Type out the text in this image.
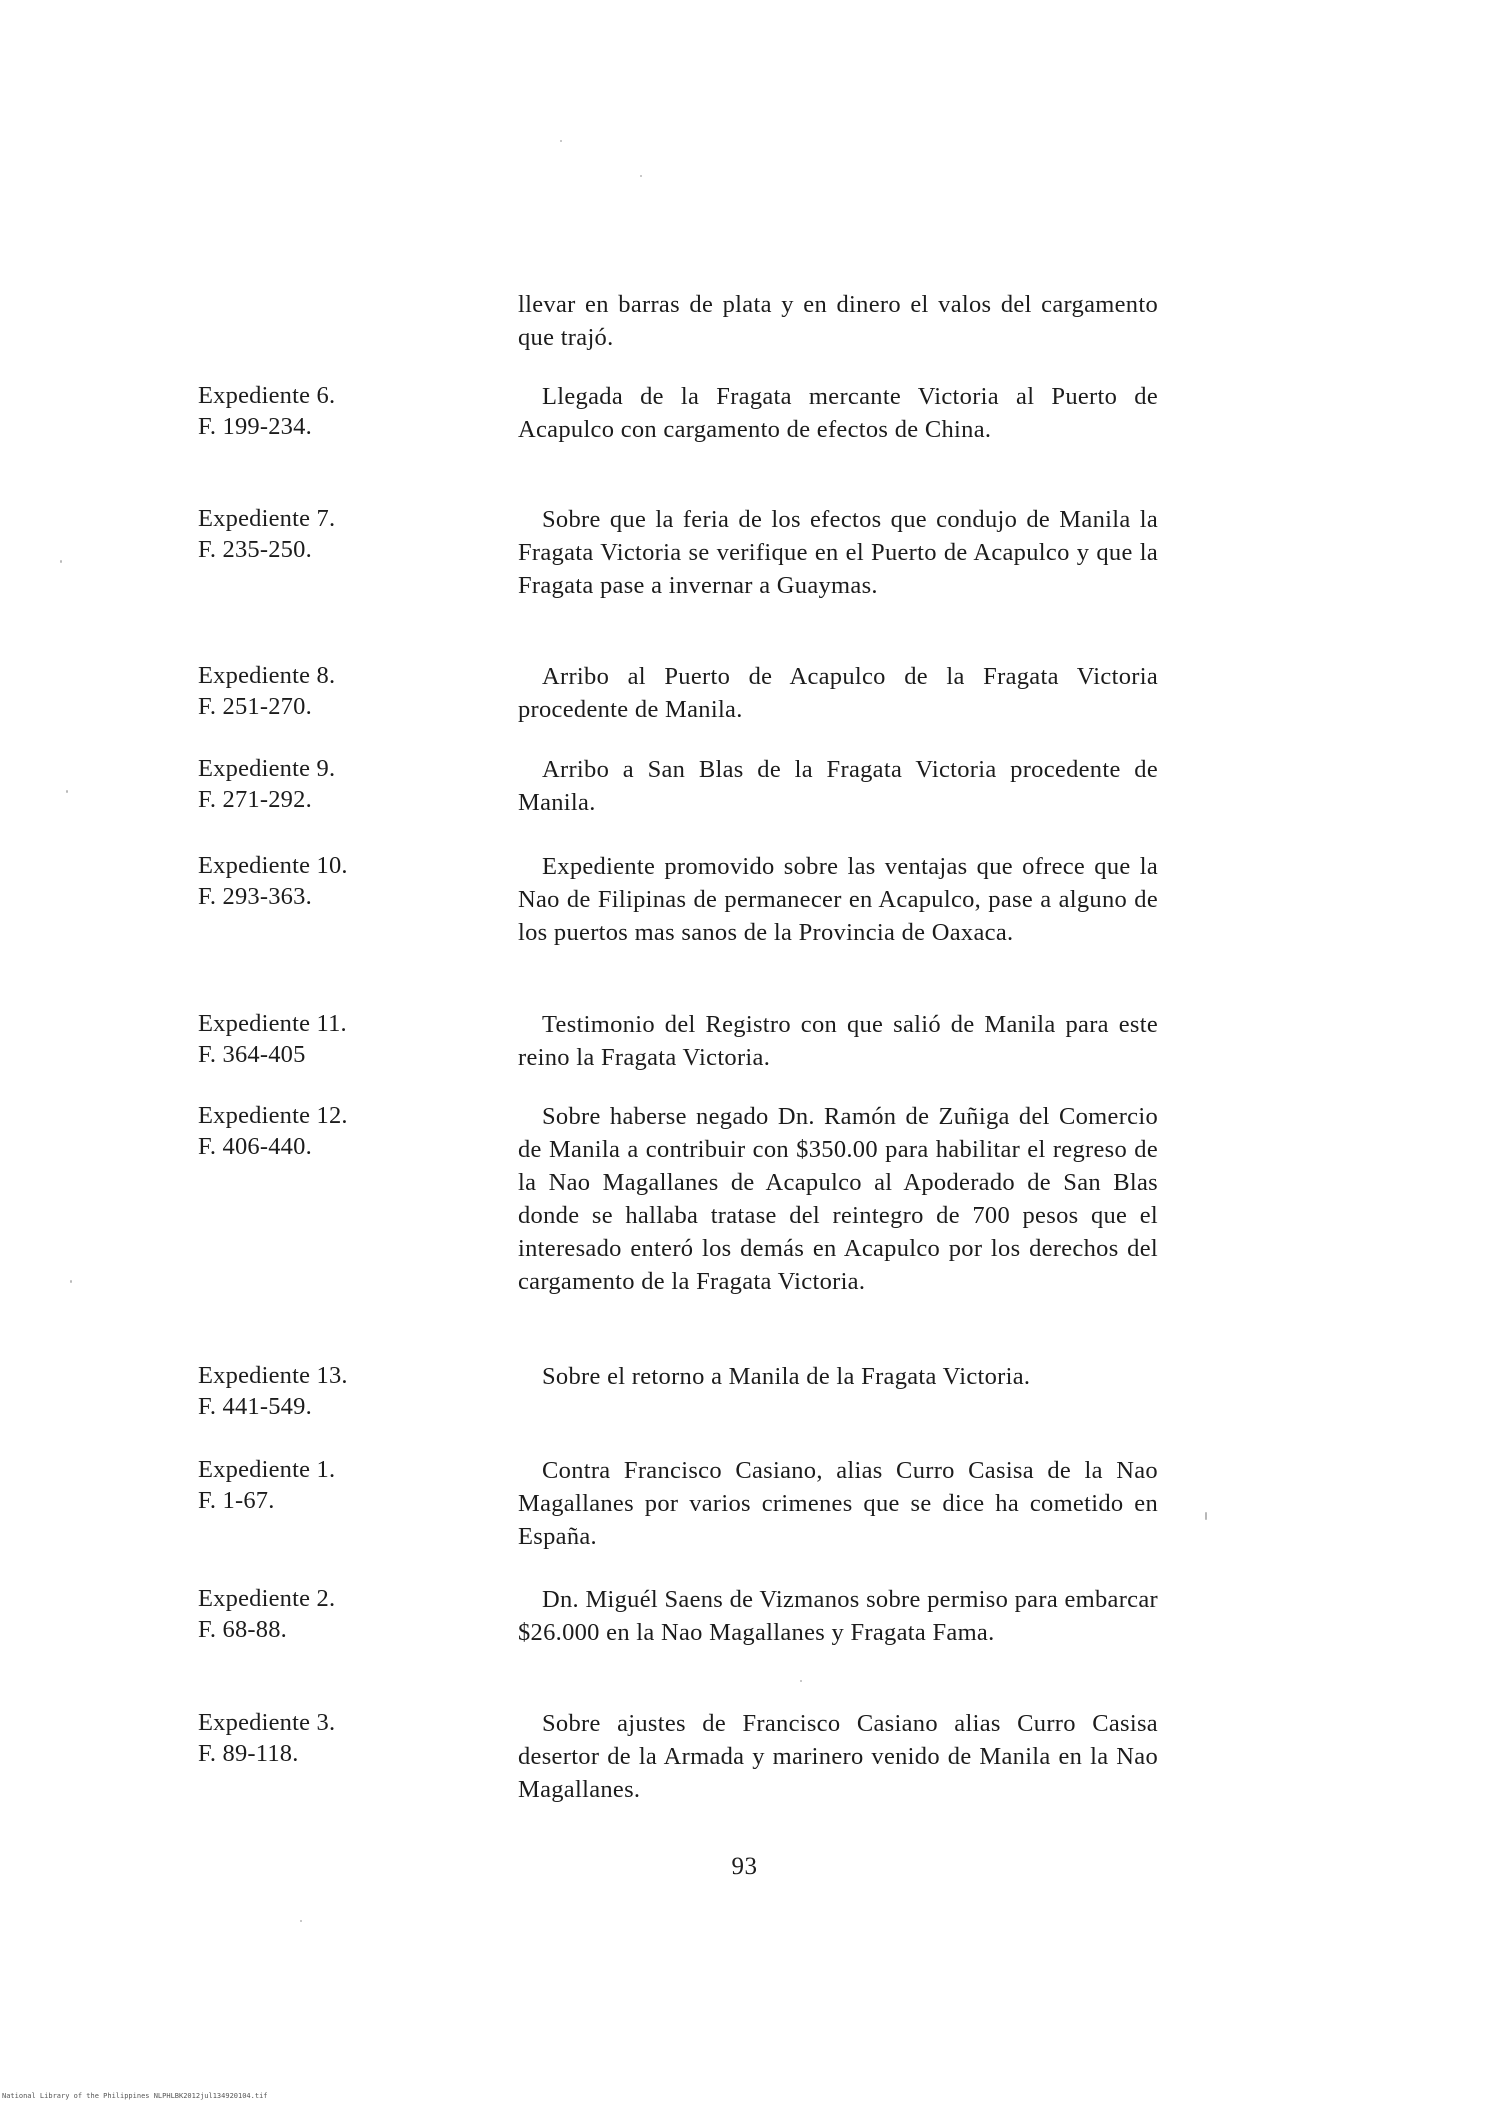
llevar en barras de plata y en dinero el valos del cargamento que trajó.
Expediente 6.
F. 199-234.
Llegada de la Fragata mercante Victoria al Puerto de Acapulco con cargamento de efectos de China.
Expediente 7.
F. 235-250.
Sobre que la feria de los efectos que condujo de Manila la Fragata Victoria se verifique en el Puerto de Acapulco y que la Fragata pase a invernar a Guaymas.
Expediente 8.
F. 251-270.
Arribo al Puerto de Acapulco de la Fragata Victoria procedente de Manila.
Expediente 9.
F. 271-292.
Arribo a San Blas de la Fragata Victoria procedente de Manila.
Expediente 10.
F. 293-363.
Expediente promovido sobre las ventajas que ofrece que la Nao de Filipinas de permanecer en Acapulco, pase a alguno de los puertos mas sanos de la Provincia de Oaxaca.
Expediente 11.
F. 364-405
Testimonio del Registro con que salió de Manila para este reino la Fragata Victoria.
Expediente 12.
F. 406-440.
Sobre haberse negado Dn. Ramón de Zuñiga del Comercio de Manila a contribuir con $350.00 para habilitar el regreso de la Nao Magallanes de Acapulco al Apoderado de San Blas donde se hallaba tratase del reintegro de 700 pesos que el interesado enteró los demás en Acapulco por los derechos del cargamento de la Fragata Victoria.
Expediente 13.
F. 441-549.
Sobre el retorno a Manila de la Fragata Victoria.
Expediente 1.
F. 1-67.
Contra Francisco Casiano, alias Curro Casisa de la Nao Magallanes por varios crimenes que se dice ha cometido en España.
Expediente 2.
F. 68-88.
Dn. Miguél Saens de Vizmanos sobre permiso para embarcar $26.000 en la Nao Magallanes y Fragata Fama.
Expediente 3.
F. 89-118.
Sobre ajustes de Francisco Casiano alias Curro Casisa desertor de la Armada y marinero venido de Manila en la Nao Magallanes.
93
National Library of the Philippines NLPHLBK2012jul134920104.tif
